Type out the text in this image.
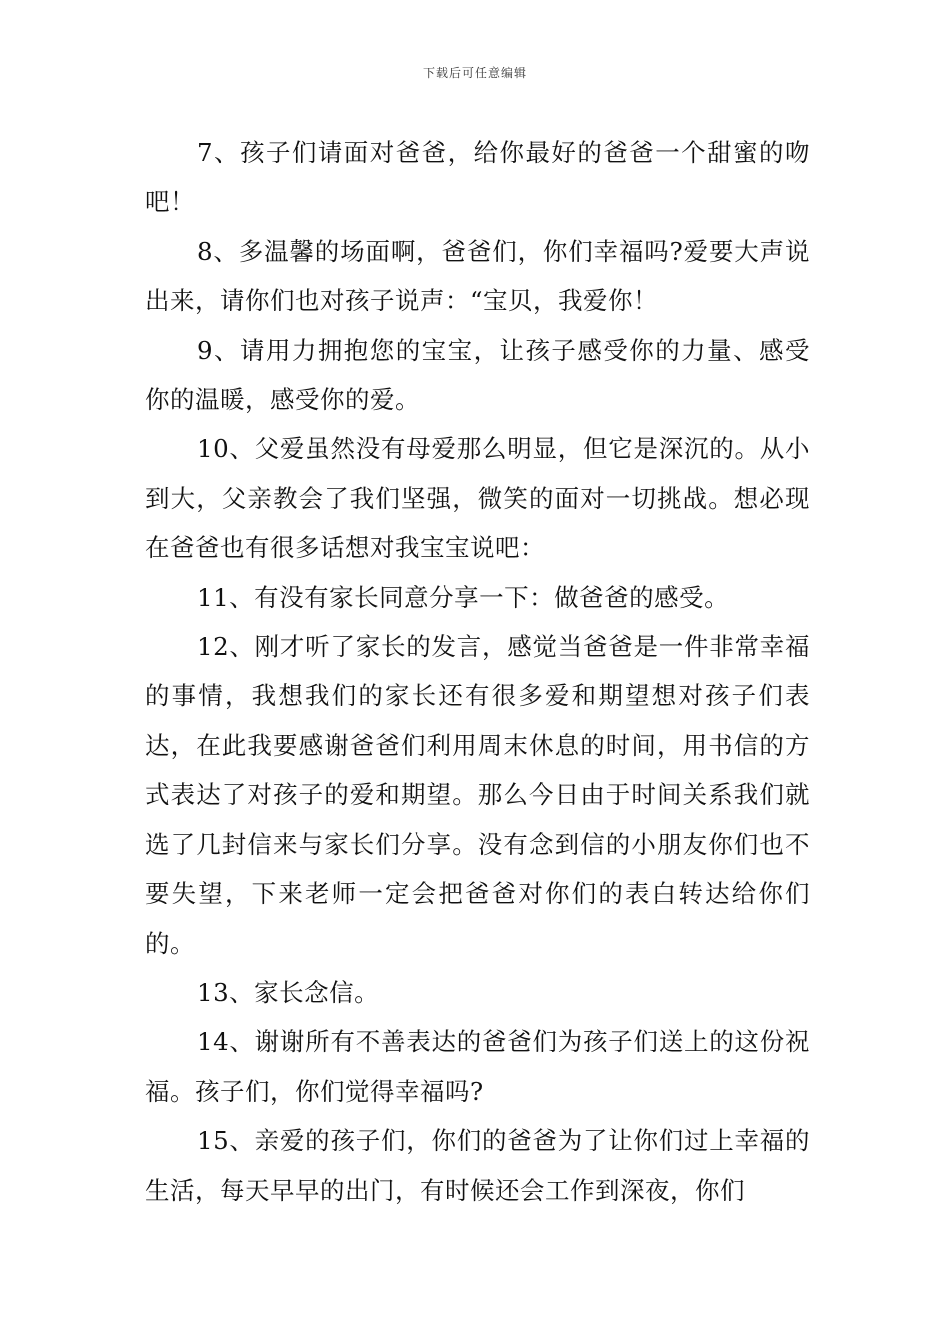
下载后可任意编辑

7、孩子们请面对爸爸，给你最好的爸爸一个甜蜜的吻吧！

8、多温馨的场面啊，爸爸们，你们幸福吗?爱要大声说出来，请你们也对孩子说声：“宝贝，我爱你！

9、请用力拥抱您的宝宝，让孩子感受你的力量、感受你的温暖，感受你的爱。

10、父爱虽然没有母爱那么明显，但它是深沉的。从小到大，父亲教会了我们坚强，微笑的面对一切挑战。想必现在爸爸也有很多话想对我宝宝说吧：

11、有没有家长同意分享一下：做爸爸的感受。

12、刚才听了家长的发言，感觉当爸爸是一件非常幸福的事情，我想我们的家长还有很多爱和期望想对孩子们表达，在此我要感谢爸爸们利用周末休息的时间，用书信的方式表达了对孩子的爱和期望。那么今日由于时间关系我们就选了几封信来与家长们分享。没有念到信的小朋友你们也不要失望，下来老师一定会把爸爸对你们的表白转达给你们的。

13、家长念信。

14、谢谢所有不善表达的爸爸们为孩子们送上的这份祝福。孩子们，你们觉得幸福吗?

15、亲爱的孩子们，你们的爸爸为了让你们过上幸福的生活，每天早早的出门，有时候还会工作到深夜，你们
